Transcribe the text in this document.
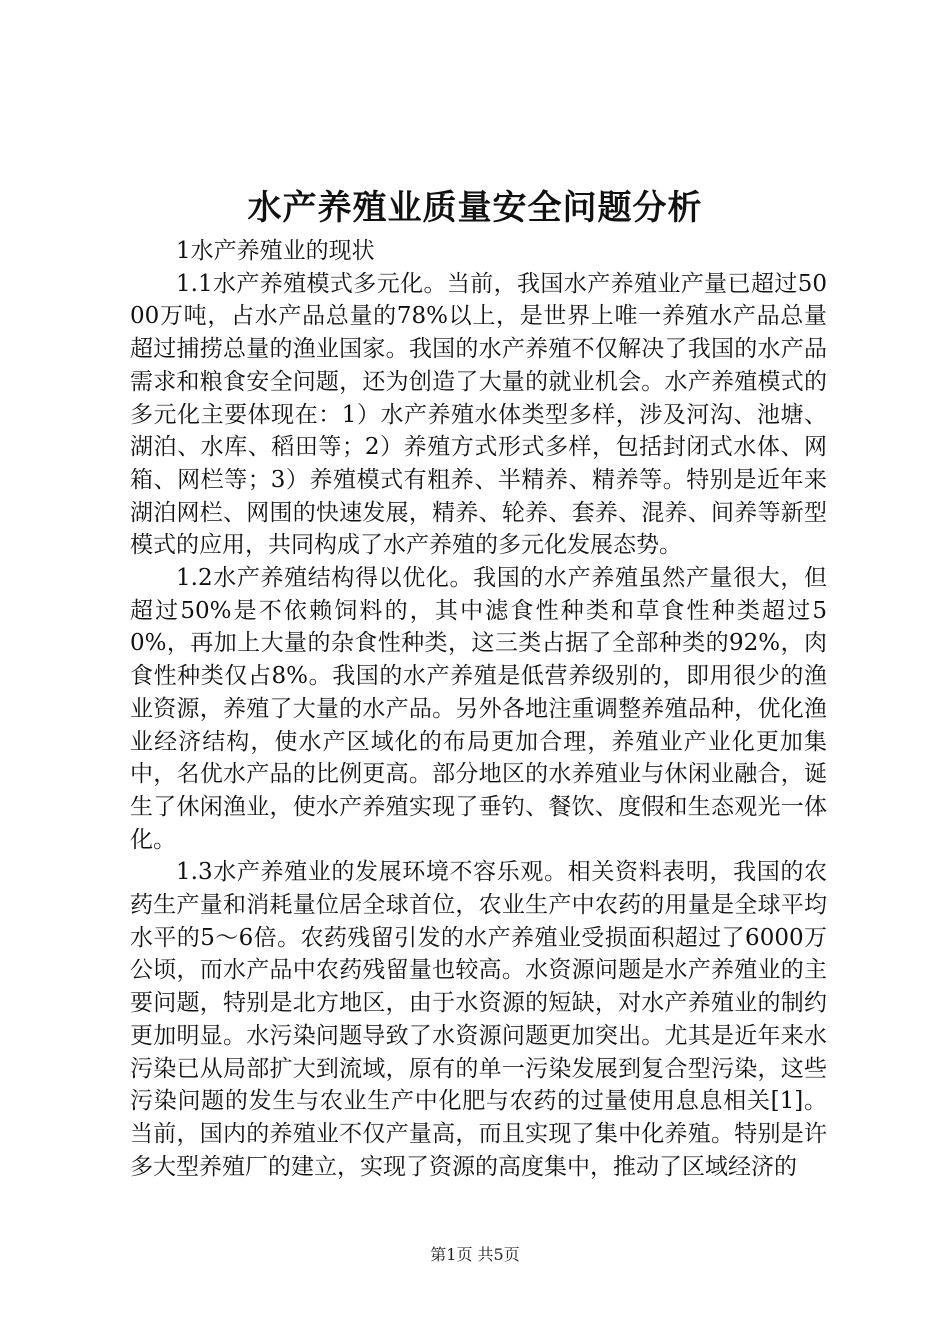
水产养殖业质量安全问题分析

1水产养殖业的现状

1.1水产养殖模式多元化。当前，我国水产养殖业产量已超过5000万吨，占水产品总量的78%以上，是世界上唯一养殖水产品总量超过捕捞总量的渔业国家。我国的水产养殖不仅解决了我国的水产品需求和粮食安全问题，还为创造了大量的就业机会。水产养殖模式的多元化主要体现在：1）水产养殖水体类型多样，涉及河沟、池塘、湖泊、水库、稻田等；2）养殖方式形式多样，包括封闭式水体、网箱、网栏等；3）养殖模式有粗养、半精养、精养等。特别是近年来湖泊网栏、网围的快速发展，精养、轮养、套养、混养、间养等新型模式的应用，共同构成了水产养殖的多元化发展态势。

1.2水产养殖结构得以优化。我国的水产养殖虽然产量很大，但超过50%是不依赖饲料的，其中滤食性种类和草食性种类超过50%，再加上大量的杂食性种类，这三类占据了全部种类的92%，肉食性种类仅占8%。我国的水产养殖是低营养级别的，即用很少的渔业资源，养殖了大量的水产品。另外各地注重调整养殖品种，优化渔业经济结构，使水产区域化的布局更加合理，养殖业产业化更加集中，名优水产品的比例更高。部分地区的水养殖业与休闲业融合，诞生了休闲渔业，使水产养殖实现了垂钓、餐饮、度假和生态观光一体化。

1.3水产养殖业的发展环境不容乐观。相关资料表明，我国的农药生产量和消耗量位居全球首位，农业生产中农药的用量是全球平均水平的5～6倍。农药残留引发的水产养殖业受损面积超过了6000万公顷，而水产品中农药残留量也较高。水资源问题是水产养殖业的主要问题，特别是北方地区，由于水资源的短缺，对水产养殖业的制约更加明显。水污染问题导致了水资源问题更加突出。尤其是近年来水污染已从局部扩大到流域，原有的单一污染发展到复合型污染，这些污染问题的发生与农业生产中化肥与农药的过量使用息息相关[1]。当前，国内的养殖业不仅产量高，而且实现了集中化养殖。特别是许多大型养殖厂的建立，实现了资源的高度集中，推动了区域经济的

第1页 共5页
